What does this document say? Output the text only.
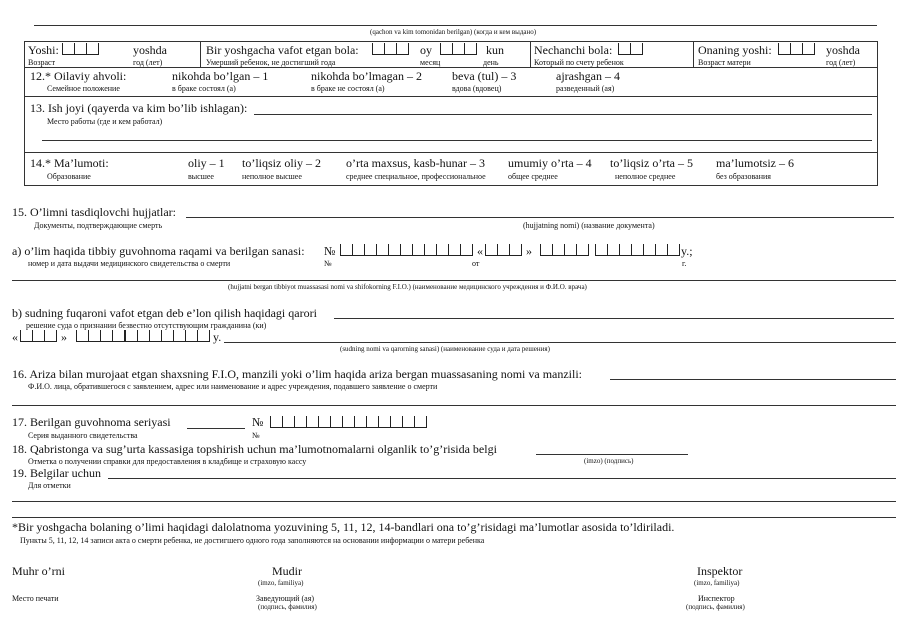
(qachon va kim tomonidan berilgan) (когда и кем выдано)
Yoshi:	yoshda
Возраст	год (лет)
Bir yoshgacha vafot etgan bola:	oy	kun
Умерший ребенок, не достигший года	месяц	день
Nechanchi bola:
Который по счету ребенок
Onaning yoshi:	yoshda
Возраст матери	год (лет)
12.* Oilaviy ahvoli:
Семейное положение
nikohda bo’lgan – 1
в браке состоял (а)
nikohda bo’lmagan – 2
в браке не состоял (а)
beva (tul) – 3
вдова (вдовец)
ajrashgan – 4
разведенный (ая)
13. Ish joyi (qayerda va kim bo’lib ishlagan):
Место работы (где и кем работал)
14.* Ma’lumoti:
Образование
oliy – 1
высшее
to’liqsiz oliy – 2
неполное высшее
o’rta maxsus, kasb-hunar – 3
среднее специальное, профессиональное
umumiy o’rta – 4
общее среднее
to’liqsiz o’rta – 5
неполное среднее
ma’lumotsiz – 6
без образования
15. O’limni tasdiqlovchi hujjatlar:
Документы, подтверждающие смерть	(hujjatning nomi) (название документа)
a) o’lim haqida tibbiy guvohnoma raqami va berilgan sanasi:
номер и дата выдачи медицинского свидетельства о смерти
№
№
«	»
от
y.;
г.
(hujjatni bergan tibbiyot muassasasi nomi va shifokorning F.I.O.) (наименование медицинского учреждения и Ф.И.О. врача)
b) sudning fuqaroni vafot etgan deb e’lon qilish haqidagi qarori
решение суда о признании безвестно отсутствующим гражданина (ки)
«	»	y.
(sudning nomi va qarorning sanasi) (наименование суда и дата решения)
16. Ariza bilan murojaat etgan shaxsning F.I.O, manzili yoki o’lim haqida ariza bergan muassasaning nomi va manzili:
Ф.И.О. лица, обратившегося с заявлением, адрес или наименование и адрес учреждения, подавшего заявление о смерти
17. Berilgan guvohnoma seriyasi	№
Серия выданного свидетельства	№
18. Qabristonga va sug’urta kassasiga topshirish uchun ma’lumotnomalarni olganlik to’g’risida belgi
Отметка о получении справки для предоставления в кладбище и страховую кассу	(imzo) (подпись)
19. Belgilar uchun
Для отметки
*Bir yoshgacha bolaning o’limi haqidagi dalolatnoma yozuvining 5, 11, 12, 14-bandlari ona to’g’risidagi ma’lumotlar asosida to’ldiriladi.
Пункты 5, 11, 12, 14 записи акта о смерти ребенка, не достигшего одного года заполняются на основании информации о матери ребенка
Muhr o’rni
Место печати
Mudir
(imzo, familiya)
Заведующий (ая)
(подпись, фамилия)
Inspektor
(imzo, familiya)
Инспектор
(подпись, фамилия)
